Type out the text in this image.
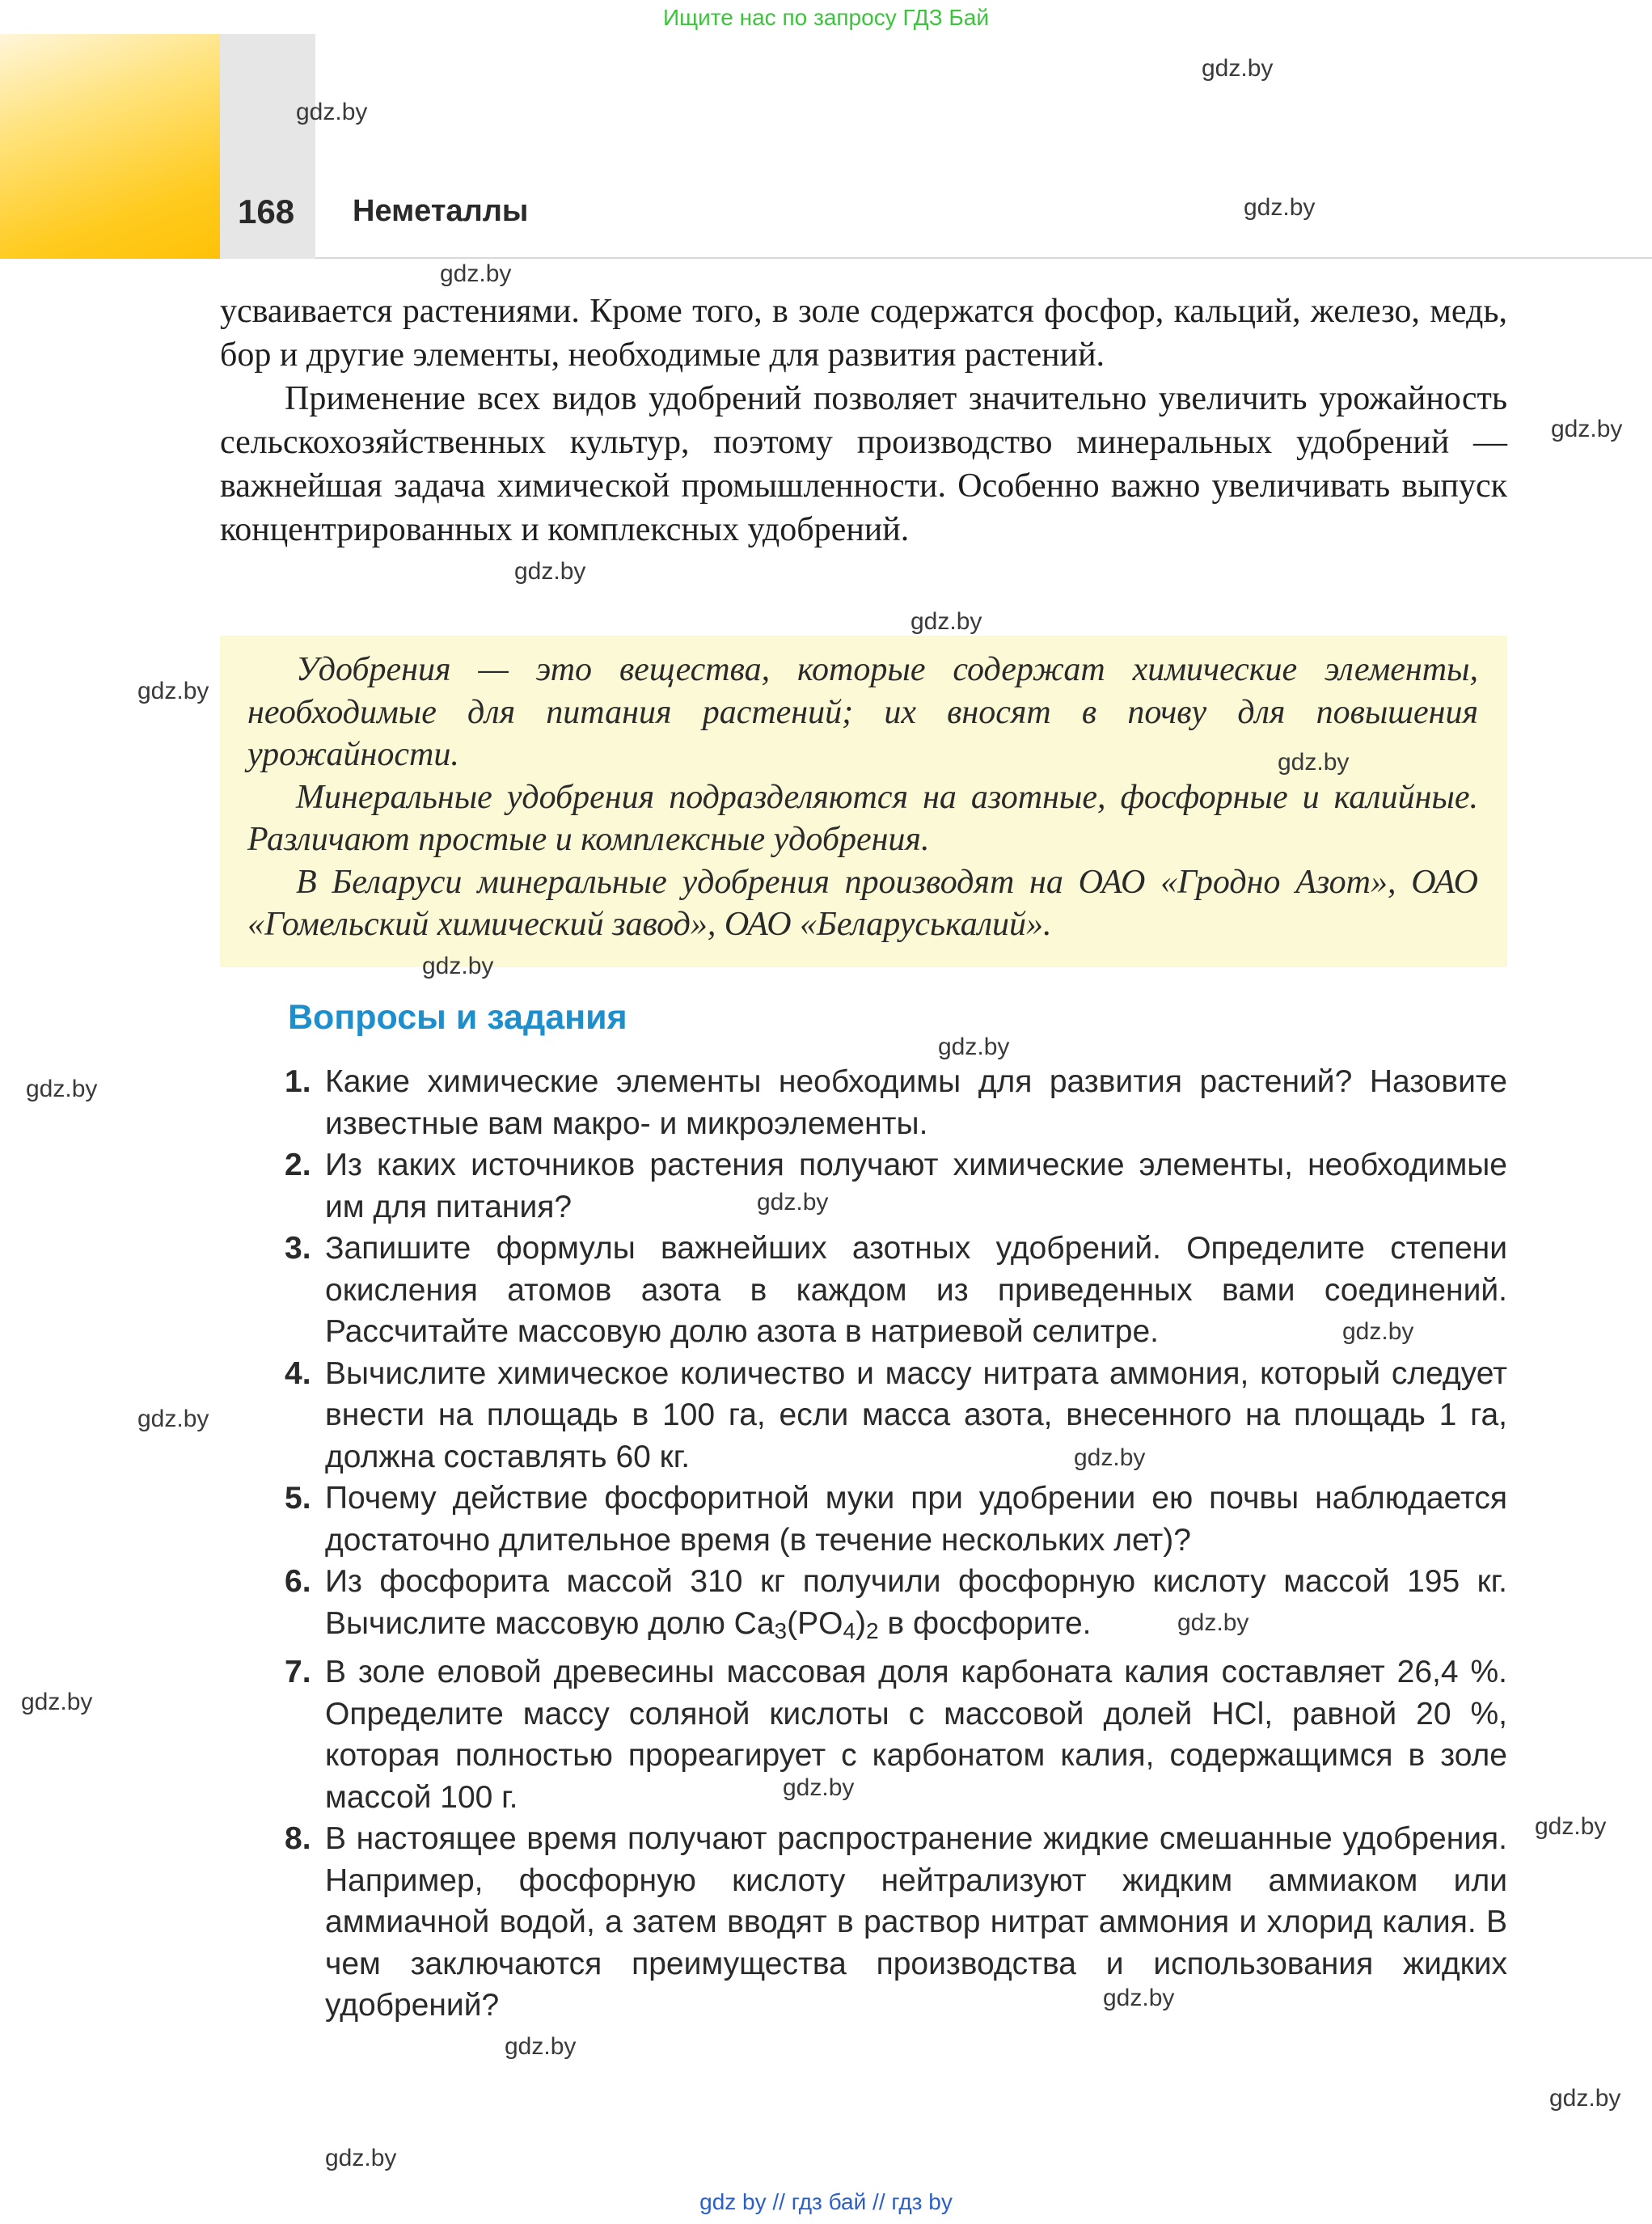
Ищите нас по запросу ГДЗ Бай
168 Неметаллы

усваивается растениями. Кроме того, в золе содержатся фосфор, кальций, железо, медь, бор и другие элементы, необходимые для развития растений.

Применение всех видов удобрений позволяет значительно увеличить урожайность сельскохозяйственных культур, поэтому производство минеральных удобрений — важнейшая задача химической промышленности. Особенно важно увеличивать выпуск концентрированных и комплексных удобрений.

Удобрения — это вещества, которые содержат химические элементы, необходимые для питания растений; их вносят в почву для повышения урожайности.

Минеральные удобрения подразделяются на азотные, фосфорные и калийные. Различают простые и комплексные удобрения.

В Беларуси минеральные удобрения производят на ОАО «Гродно Азот», ОАО «Гомельский химический завод», ОАО «Беларуськалий».

Вопросы и задания
1. Какие химические элементы необходимы для развития растений? Назовите известные вам макро- и микроэлементы.
2. Из каких источников растения получают химические элементы, необходимые им для питания?
3. Запишите формулы важнейших азотных удобрений. Определите степени окисления атомов азота в каждом из приведенных вами соединений. Рассчитайте массовую долю азота в натриевой селитре.
4. Вычислите химическое количество и массу нитрата аммония, который следует внести на площадь в 100 га, если масса азота, внесенного на площадь 1 га, должна составлять 60 кг.
5. Почему действие фосфоритной муки при удобрении ею почвы наблюдается достаточно длительное время (в течение нескольких лет)?
6. Из фосфорита массой 310 кг получили фосфорную кислоту массой 195 кг. Вычислите массовую долю $Ca_3(PO_4)_2$ в фосфорите.
7. В золе еловой древесины массовая доля карбоната калия составляет 26,4 %. Определите массу соляной кислоты с массовой долей HCl, равной 20 %, которая полностью прореагирует с карбонатом калия, содержащимся в золе массой 100 г.
8. В настоящее время получают распространение жидкие смешанные удобрения. Например, фосфорную кислоту нейтрализуют жидким аммиаком или аммиачной водой, а затем вводят в раствор нитрат аммония и хлорид калия. В чем заключаются преимущества производства и использования жидких удобрений?
gdz.by
gdz.by
gdz.by
gdz.by
gdz.by
gdz.by
gdz.by
gdz.by
gdz.by
gdz.by
gdz.by
gdz.by
gdz.by
gdz.by
gdz.by
gdz.by
gdz.by
gdz.by
gdz.by
gdz.by
gdz.by
gdz.by
gdz.by
gdz.by
gdz by // гдз бай // гдз by
